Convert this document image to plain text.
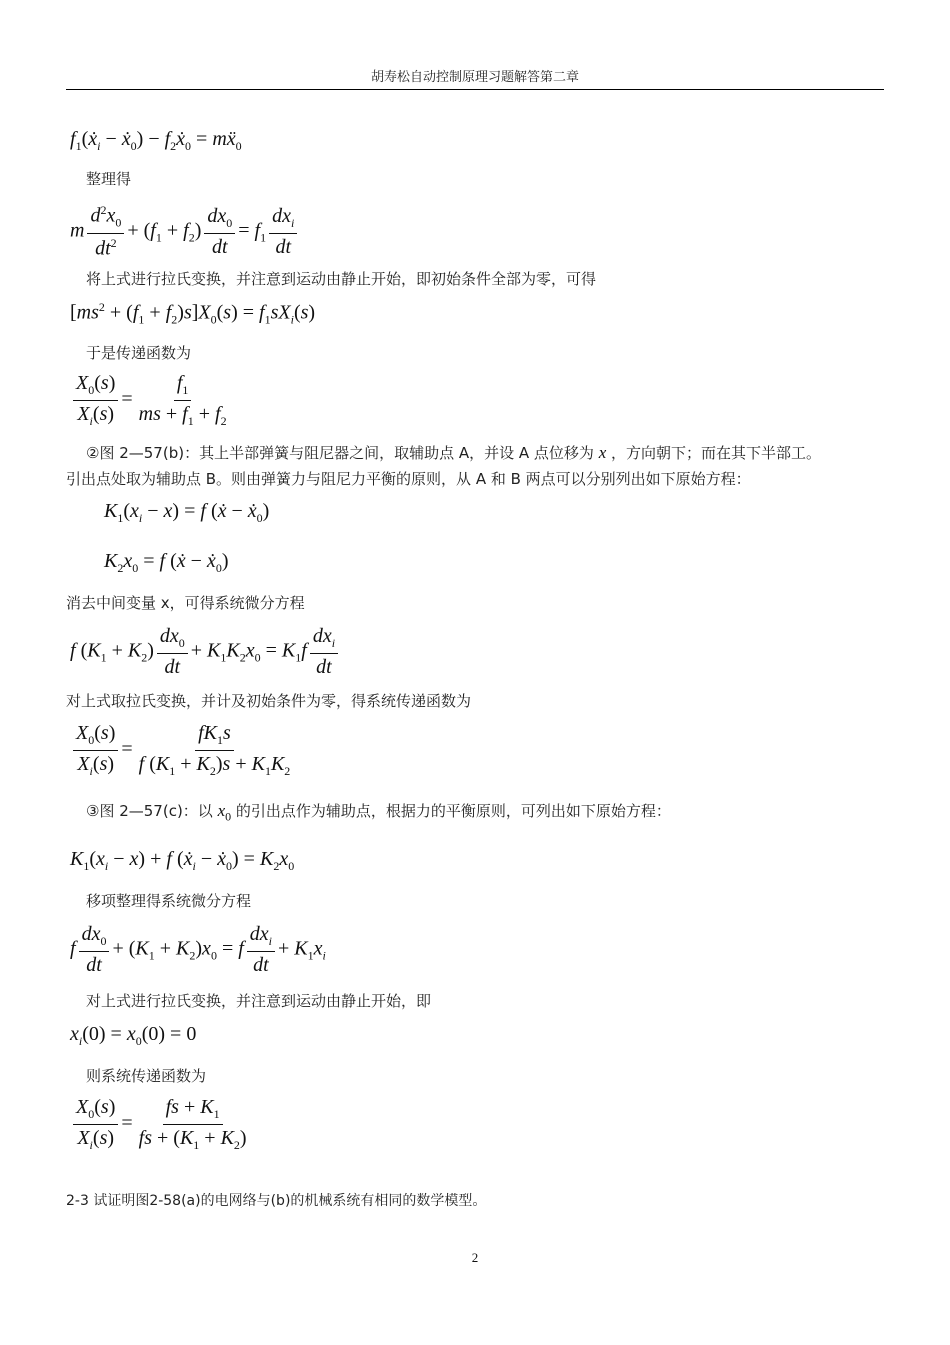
胡寿松自动控制原理习题解答第二章
$f_1(ẋ_i$ − ẋ$_0$) − $f_2ẋ_0$ = mẍ$_0$
整理得
m $\frac{d^2x_0}{dt^2} + (f_1 + f_2) \frac{dx_0}{dt} = f_1 \frac{dx_i}{dt}$
将上式进行拉氏变换，并注意到运动由静止开始，即初始条件全部为零，可得
$[ms^2 + (f_1 + f_2)s]X_0(s) = f_1sX_i(s)$
于是传递函数为
$\frac{X_0(s)}{X_i(s)} = \frac{f_1}{ms + f_1 + f_2}$
②图 2—57(b)：其上半部弹簧与阻尼器之间，取辅助点 A，并设 A 点位移为 x ，方向朝下；而在其下半部工。
引出点处取为辅助点 B。则由弹簧力与阻尼力平衡的原则，从 A 和 B 两点可以分别列出如下原始方程：
$K_1(x_i - x) = f$ (ẋ − ẋ$_0$)
$K_2x_0 = f$ (ẋ − ẋ$_0$)
消去中间变量 x，可得系统微分方程
f $(K_1 + K_2) \frac{dx_0}{dt} + K_1K_2x_0 = K_1f \frac{dx_i}{dt}$
对上式取拉氏变换，并计及初始条件为零，得系统传递函数为
$\frac{X_0(s)}{X_i(s)} = \frac{fK_1s}{f (K_1 + K_2)s + K_1K_2}$
③图 2—57(c)：以 $x_0$ 的引出点作为辅助点，根据力的平衡原则，可列出如下原始方程：
$K_1(x_i - x) + f$ (ẋ$_i$ − ẋ$_0$) = $K_2x_0$
移项整理得系统微分方程
f $\frac{dx_0}{dt} + (K_1 + K_2)x_0 = f \frac{dx_i}{dt} + K_1x_i$
对上式进行拉氏变换，并注意到运动由静止开始，即
$x_i(0) = x_0(0) = 0$
则系统传递函数为
$\frac{X_0(s)}{X_i(s)} = \frac{fs + K_1}{fs + (K_1 + K_2)}$
2-3 试证明图2-58(a)的电网络与(b)的机械系统有相同的数学模型。
2
